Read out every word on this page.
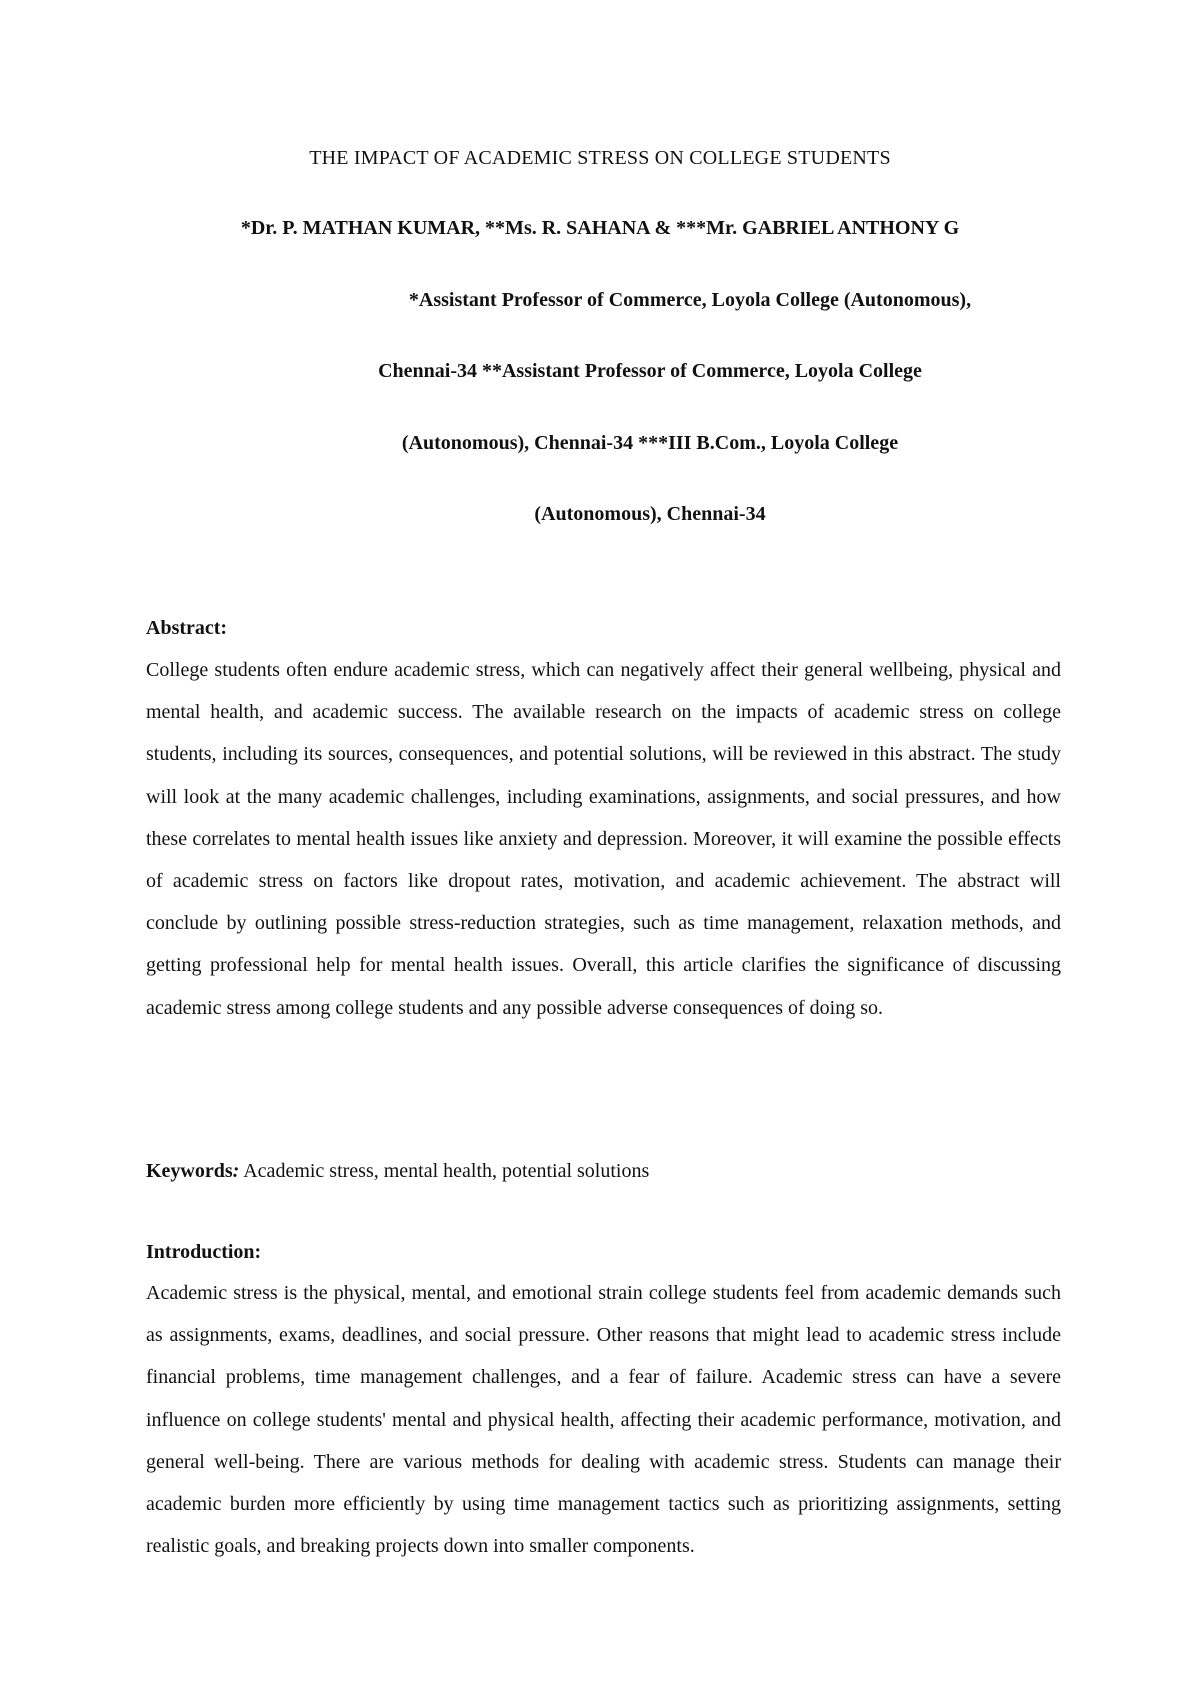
THE IMPACT OF ACADEMIC STRESS ON COLLEGE STUDENTS

*Dr. P. MATHAN KUMAR, **Ms. R. SAHANA & ***Mr. GABRIEL ANTHONY G

*Assistant Professor of Commerce, Loyola College (Autonomous),

Chennai-34 **Assistant Professor of Commerce, Loyola College

(Autonomous), Chennai-34 ***III B.Com., Loyola College

(Autonomous), Chennai-34

Abstract:

College students often endure academic stress, which can negatively affect their general wellbeing, physical and mental health, and academic success. The available research on the impacts of academic stress on college students, including its sources, consequences, and potential solutions, will be reviewed in this abstract. The study will look at the many academic challenges, including examinations, assignments, and social pressures, and how these correlates to mental health issues like anxiety and depression. Moreover, it will examine the possible effects of academic stress on factors like dropout rates, motivation, and academic achievement. The abstract will conclude by outlining possible stress-reduction strategies, such as time management, relaxation methods, and getting professional help for mental health issues. Overall, this article clarifies the significance of discussing academic stress among college students and any possible adverse consequences of doing so.

Keywords: Academic stress, mental health, potential solutions

Introduction:

Academic stress is the physical, mental, and emotional strain college students feel from academic demands such as assignments, exams, deadlines, and social pressure. Other reasons that might lead to academic stress include financial problems, time management challenges, and a fear of failure. Academic stress can have a severe influence on college students' mental and physical health, affecting their academic performance, motivation, and general well-being. There are various methods for dealing with academic stress. Students can manage their academic burden more efficiently by using time management tactics such as prioritizing assignments, setting realistic goals, and breaking projects down into smaller components.
